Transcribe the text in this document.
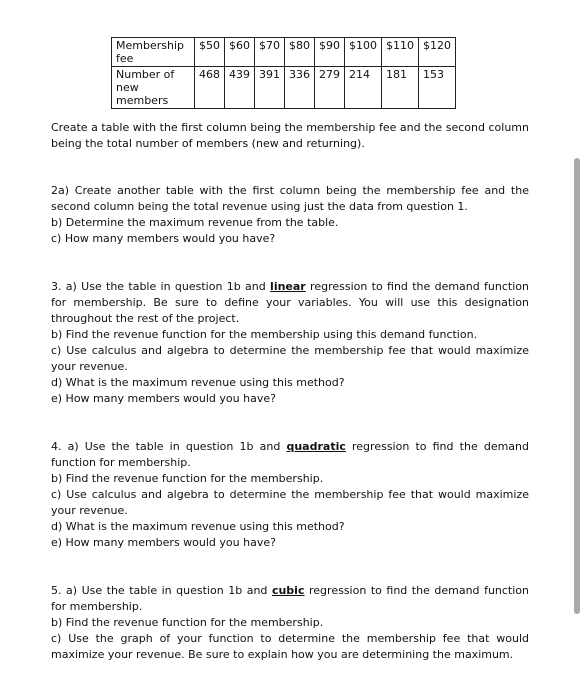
Membership fee	$50	$60	$70	$80	$90	$100	$110	$120
Number of new members	468	439	391	336	279	214	181	153

Create a table with the first column being the membership fee and the second column being the total number of members (new and returning).

2a) Create another table with the first column being the membership fee and the second column being the total revenue using just the data from question 1.

b) Determine the maximum revenue from the table.

c) How many members would you have?

3. a) Use the table in question 1b and linear regression to find the demand function for membership. Be sure to define your variables. You will use this designation throughout the rest of the project.

b) Find the revenue function for the membership using this demand function.

c) Use calculus and algebra to determine the membership fee that would maximize your revenue.

d) What is the maximum revenue using this method?

e) How many members would you have?

4. a) Use the table in question 1b and quadratic regression to find the demand function for membership.

b) Find the revenue function for the membership.

c) Use calculus and algebra to determine the membership fee that would maximize your revenue.

d) What is the maximum revenue using this method?

e) How many members would you have?

5. a) Use the table in question 1b and cubic regression to find the demand function for membership.

b) Find the revenue function for the membership.

c) Use the graph of your function to determine the membership fee that would maximize your revenue. Be sure to explain how you are determining the maximum.
